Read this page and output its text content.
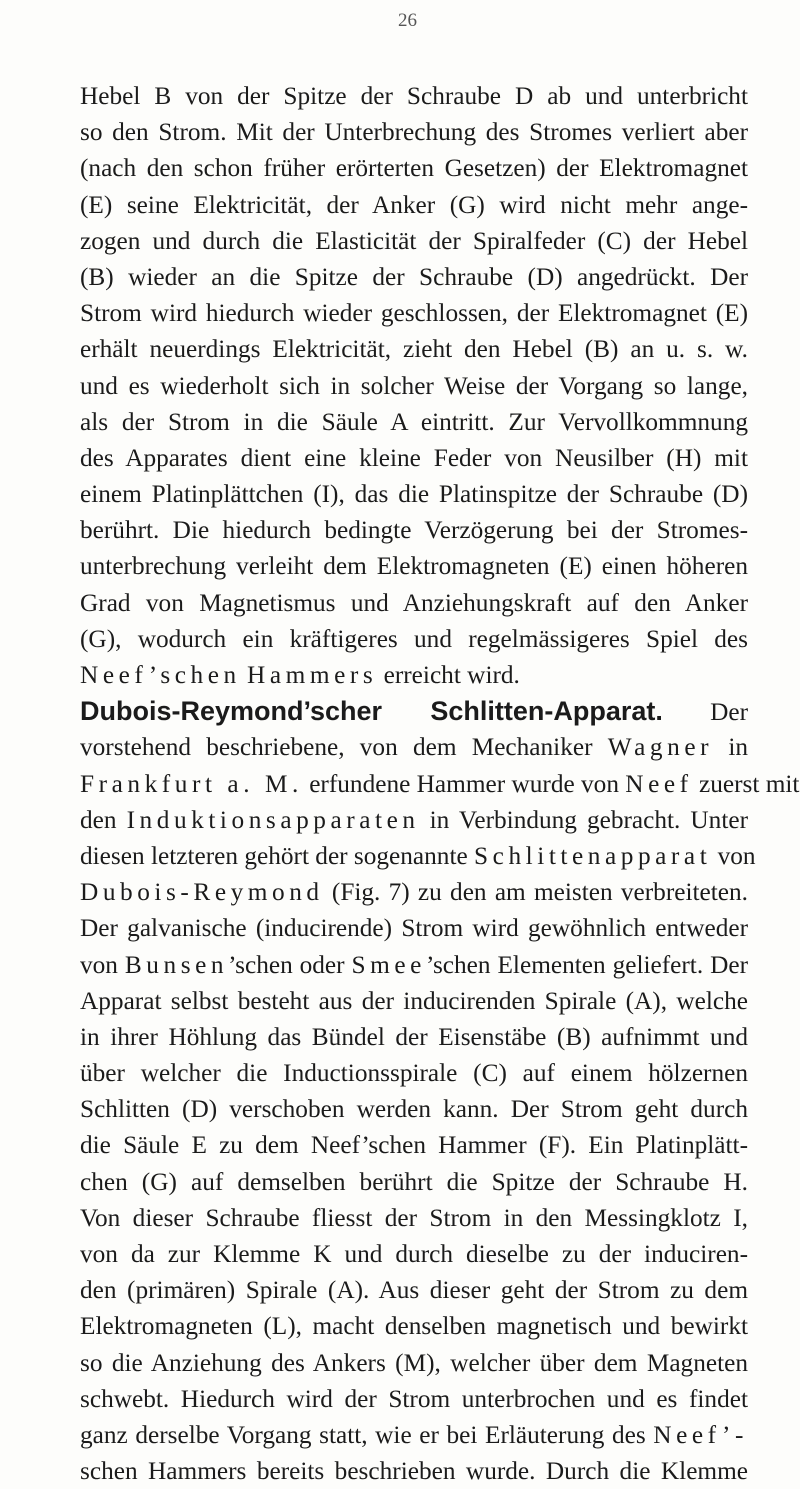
26
Hebel B von der Spitze der Schraube D ab und unterbricht
so den Strom. Mit der Unterbrechung des Stromes verliert aber
(nach den schon früher erörterten Gesetzen) der Elektromagnet
(E) seine Elektricität, der Anker (G) wird nicht mehr ange-
zogen und durch die Elasticität der Spiralfeder (C) der Hebel
(B) wieder an die Spitze der Schraube (D) angedrückt. Der
Strom wird hiedurch wieder geschlossen, der Elektromagnet (E)
erhält neuerdings Elektricität, zieht den Hebel (B) an u. s. w.
und es wiederholt sich in solcher Weise der Vorgang so lange,
als der Strom in die Säule A eintritt. Zur Vervollkommnung
des Apparates dient eine kleine Feder von Neusilber (H) mit
einem Platinplättchen (I), das die Platinspitze der Schraube (D)
berührt. Die hiedurch bedingte Verzögerung bei der Stromes-
unterbrechung verleiht dem Elektromagneten (E) einen höheren
Grad von Magnetismus und Anziehungskraft auf den Anker
(G), wodurch ein kräftigeres und regelmässigeres Spiel des
Neef’schen Hammers erreicht wird.
Dubois-Reymond’scher Schlitten-Apparat. Der
vorstehend beschriebene, von dem Mechaniker Wagner in
Frankfurt a. M. erfundene Hammer wurde von Neef zuerst mit
den Induktionsapparaten in Verbindung gebracht. Unter
diesen letzteren gehört der sogenannte Schlittenapparat von
Dubois-Reymond (Fig. 7) zu den am meisten verbreiteten.
Der galvanische (inducirende) Strom wird gewöhnlich entweder
von Bunsen’schen oder Smee’schen Elementen geliefert. Der
Apparat selbst besteht aus der inducirenden Spirale (A), welche
in ihrer Höhlung das Bündel der Eisenstäbe (B) aufnimmt und
über welcher die Inductionsspirale (C) auf einem hölzernen
Schlitten (D) verschoben werden kann. Der Strom geht durch
die Säule E zu dem Neef’schen Hammer (F). Ein Platinplätt-
chen (G) auf demselben berührt die Spitze der Schraube H.
Von dieser Schraube fliesst der Strom in den Messingklotz I,
von da zur Klemme K und durch dieselbe zu der induciren-
den (primären) Spirale (A). Aus dieser geht der Strom zu dem
Elektromagneten (L), macht denselben magnetisch und bewirkt
so die Anziehung des Ankers (M), welcher über dem Magneten
schwebt. Hiedurch wird der Strom unterbrochen und es findet
ganz derselbe Vorgang statt, wie er bei Erläuterung des Neef’-
schen Hammers bereits beschrieben wurde. Durch die Klemme
